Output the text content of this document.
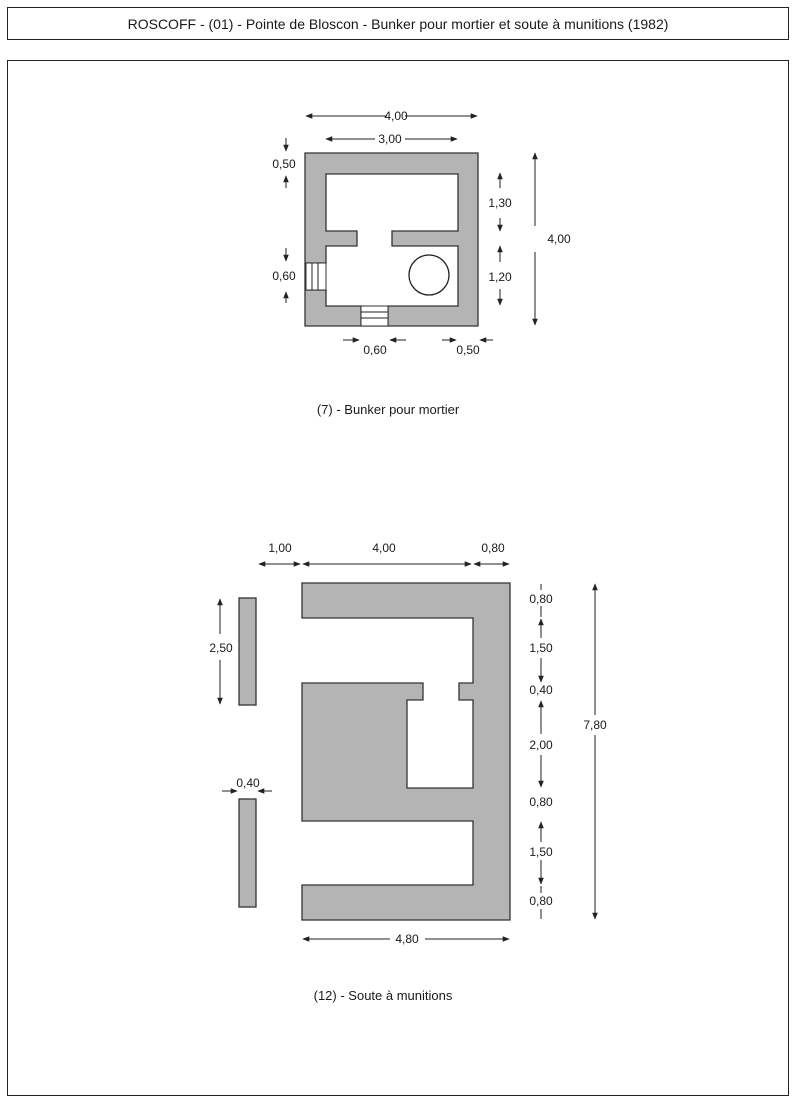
ROSCOFF - (01) - Pointe de Bloscon - Bunker pour mortier et soute à munitions (1982)
4,00
3,00
0,50
0,60
1,30
1,20
4,00
0,60	0,50
(7) - Bunker pour mortier
1,00	4,00	0,80
2,50
0,40
0,80
1,50
0,40
2,00
0,80
1,50
0,80
7,80
4,80
(12) - Soute à munitions
